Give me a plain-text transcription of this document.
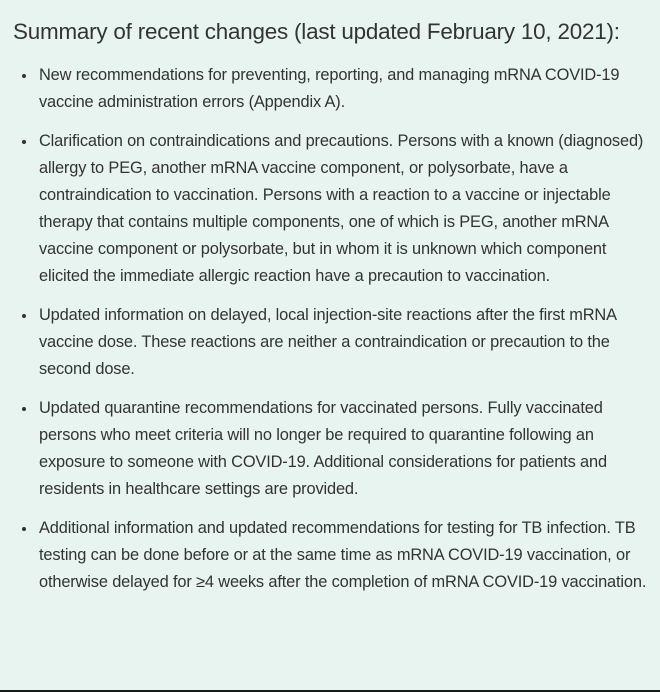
Summary of recent changes (last updated February 10, 2021):
• New recommendations for preventing, reporting, and managing mRNA COVID-19 vaccine administration errors (Appendix A).
• Clarification on contraindications and precautions. Persons with a known (diagnosed) allergy to PEG, another mRNA vaccine component, or polysorbate, have a contraindication to vaccination. Persons with a reaction to a vaccine or injectable therapy that contains multiple components, one of which is PEG, another mRNA vaccine component or polysorbate, but in whom it is unknown which component elicited the immediate allergic reaction have a precaution to vaccination.
• Updated information on delayed, local injection-site reactions after the first mRNA vaccine dose. These reactions are neither a contraindication or precaution to the second dose.
• Updated quarantine recommendations for vaccinated persons. Fully vaccinated persons who meet criteria will no longer be required to quarantine following an exposure to someone with COVID-19. Additional considerations for patients and residents in healthcare settings are provided.
• Additional information and updated recommendations for testing for TB infection. TB testing can be done before or at the same time as mRNA COVID-19 vaccination, or otherwise delayed for ≥4 weeks after the completion of mRNA COVID-19 vaccination.
